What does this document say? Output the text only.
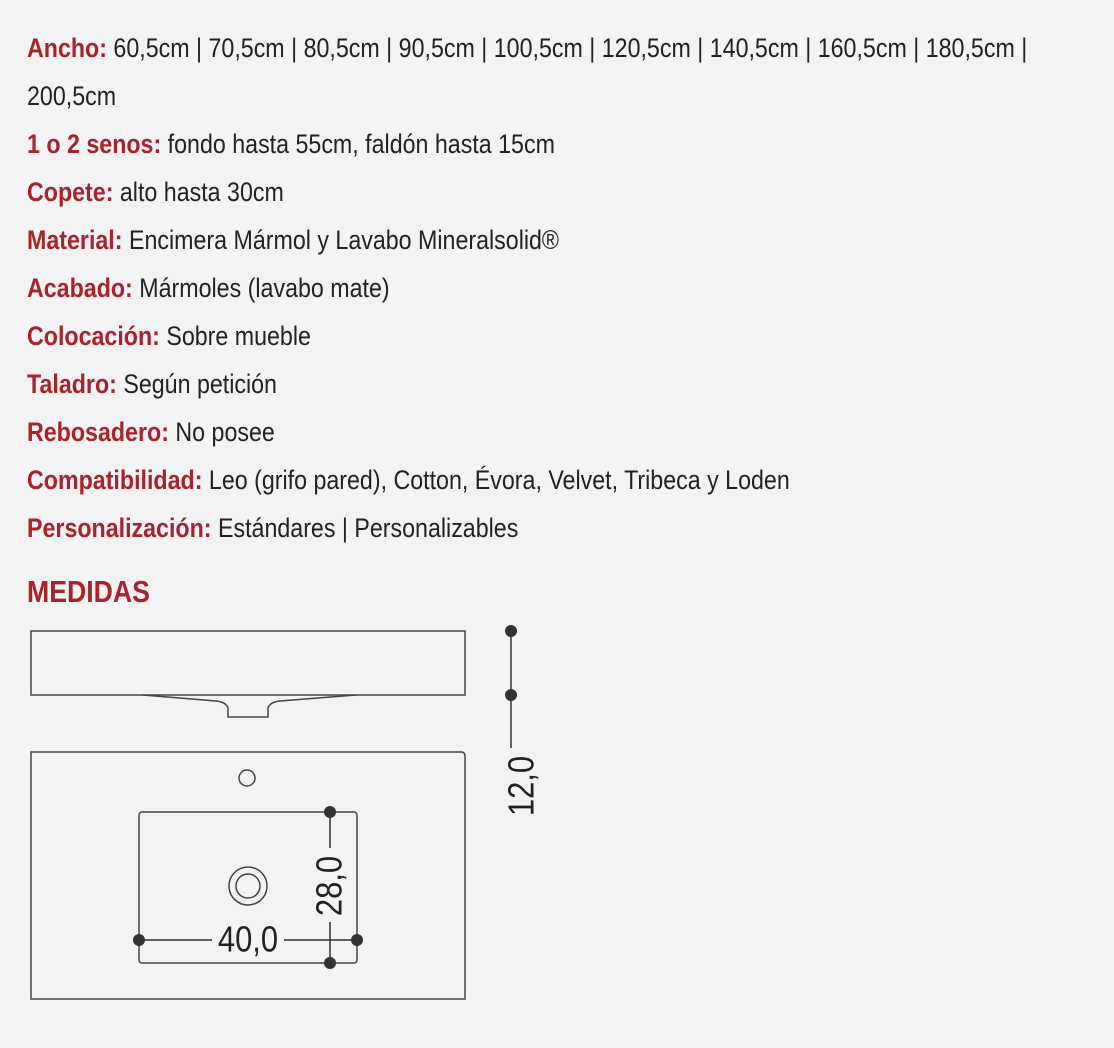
Ancho: 60,5cm | 70,5cm | 80,5cm | 90,5cm | 100,5cm | 120,5cm | 140,5cm | 160,5cm | 180,5cm | 200,5cm
1 o 2 senos: fondo hasta 55cm, faldón hasta 15cm
Copete: alto hasta 30cm
Material: Encimera Mármol y Lavabo Mineralsolid®
Acabado: Mármoles (lavabo mate)
Colocación: Sobre mueble
Taladro: Según petición
Rebosadero: No posee
Compatibilidad: Leo (grifo pared), Cotton, Évora, Velvet, Tribeca y Loden
Personalización: Estándares | Personalizables
MEDIDAS
12,0
28,0
40,0
